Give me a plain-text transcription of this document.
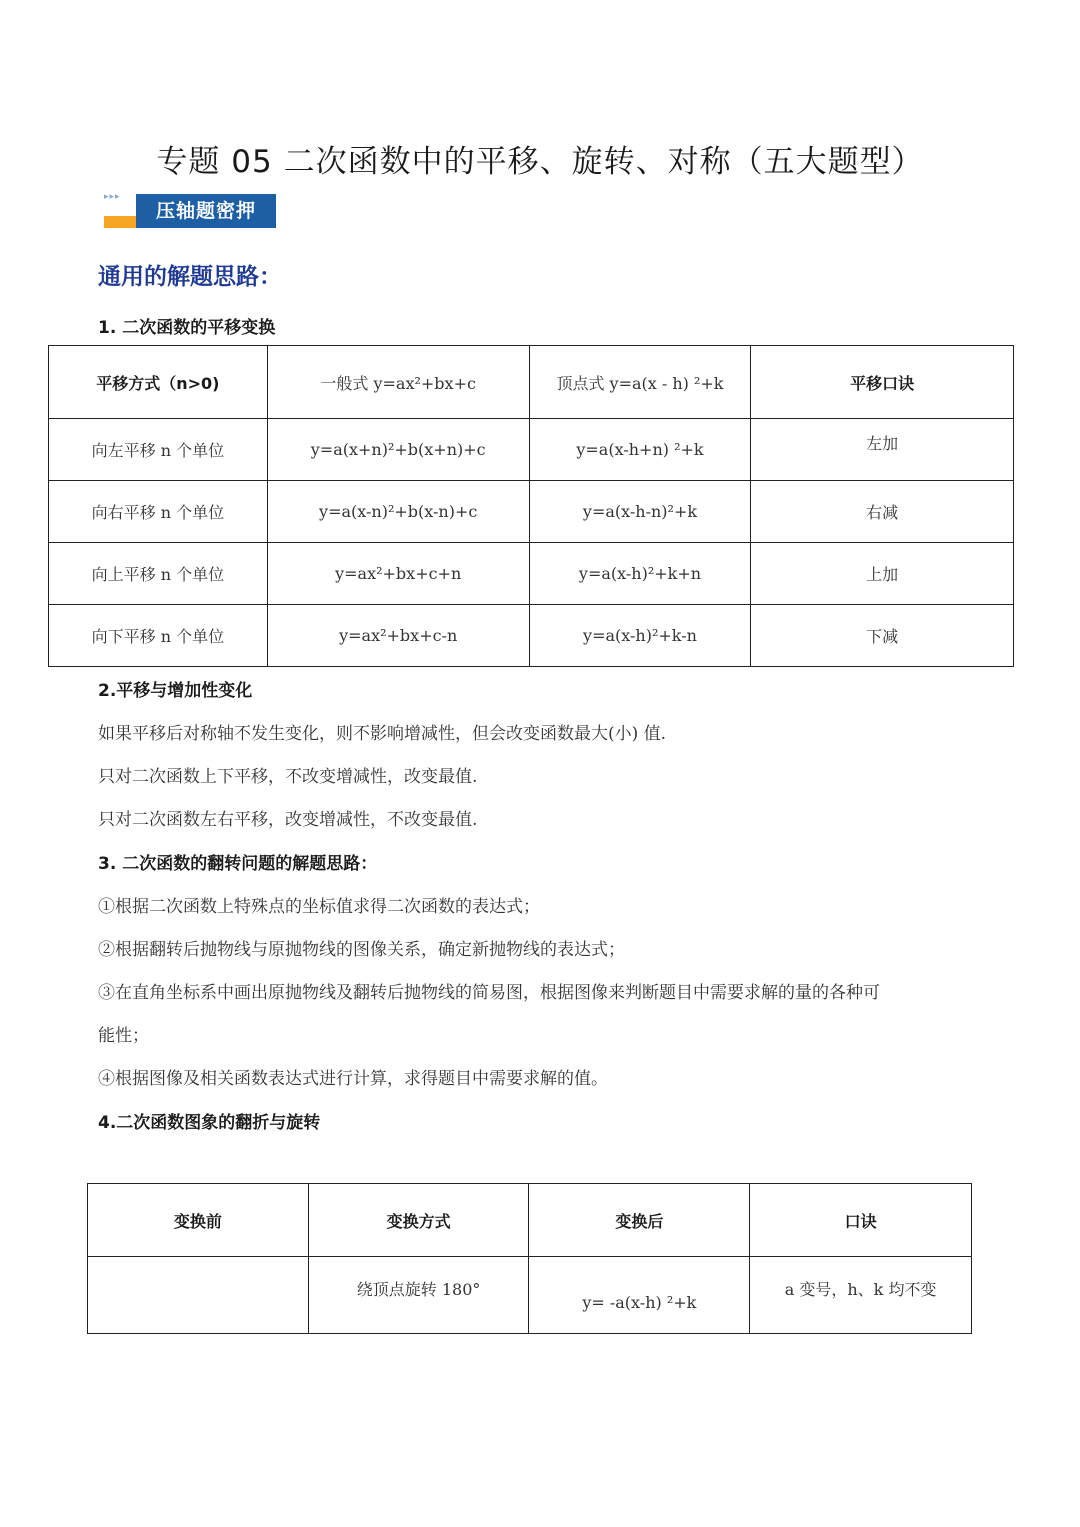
专题 05 二次函数中的平移、旋转、对称（五大题型）
▸▸▸
压轴题密押
通用的解题思路：
1. 二次函数的平移变换
平移方式（n>0)	一般式 y=ax²+bx+c	顶点式 y=a(x - h) ²+k	平移口诀
向左平移 n 个单位	y=a(x+n)²+b(x+n)+c	y=a(x-h+n) ²+k	左加
向右平移 n 个单位	y=a(x-n)²+b(x-n)+c	y=a(x-h-n)²+k	右减
向上平移 n 个单位	y=ax²+bx+c+n	y=a(x-h)²+k+n	上加
向下平移 n 个单位	y=ax²+bx+c-n	y=a(x-h)²+k-n	下减
2.平移与增加性变化
如果平移后对称轴不发生变化，则不影响增减性，但会改变函数最大(小) 值.
只对二次函数上下平移，不改变增减性，改变最值.
只对二次函数左右平移，改变增减性，不改变最值.
3. 二次函数的翻转问题的解题思路：
①根据二次函数上特殊点的坐标值求得二次函数的表达式；
②根据翻转后抛物线与原抛物线的图像关系，确定新抛物线的表达式；
③在直角坐标系中画出原抛物线及翻转后抛物线的简易图，根据图像来判断题目中需要求解的量的各种可
能性；
④根据图像及相关函数表达式进行计算，求得题目中需要求解的值。
4.二次函数图象的翻折与旋转
变换前	变换方式	变换后	口诀
	绕顶点旋转 180°	y= -a(x-h) ²+k	a 变号，h、k 均不变
